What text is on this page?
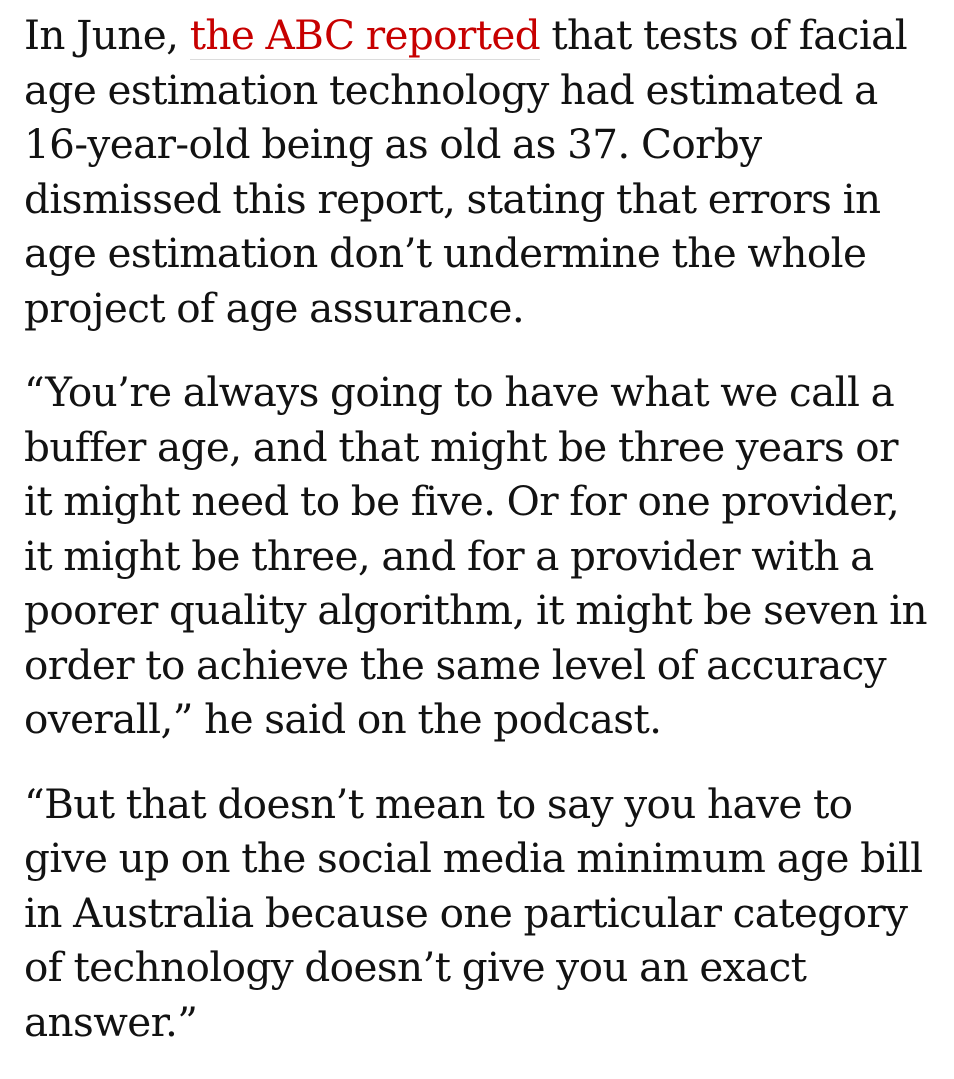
In June, the ABC reported that tests of facial age estimation technology had estimated a 16-year-old being as old as 37. Corby dismissed this report, stating that errors in age estimation don’t undermine the whole project of age assurance.

“You’re always going to have what we call a buffer age, and that might be three years or it might need to be five. Or for one provider, it might be three, and for a provider with a poorer quality algorithm, it might be seven in order to achieve the same level of accuracy overall,” he said on the podcast.

“But that doesn’t mean to say you have to give up on the social media minimum age bill in Australia because one particular category of technology doesn’t give you an exact answer.”
